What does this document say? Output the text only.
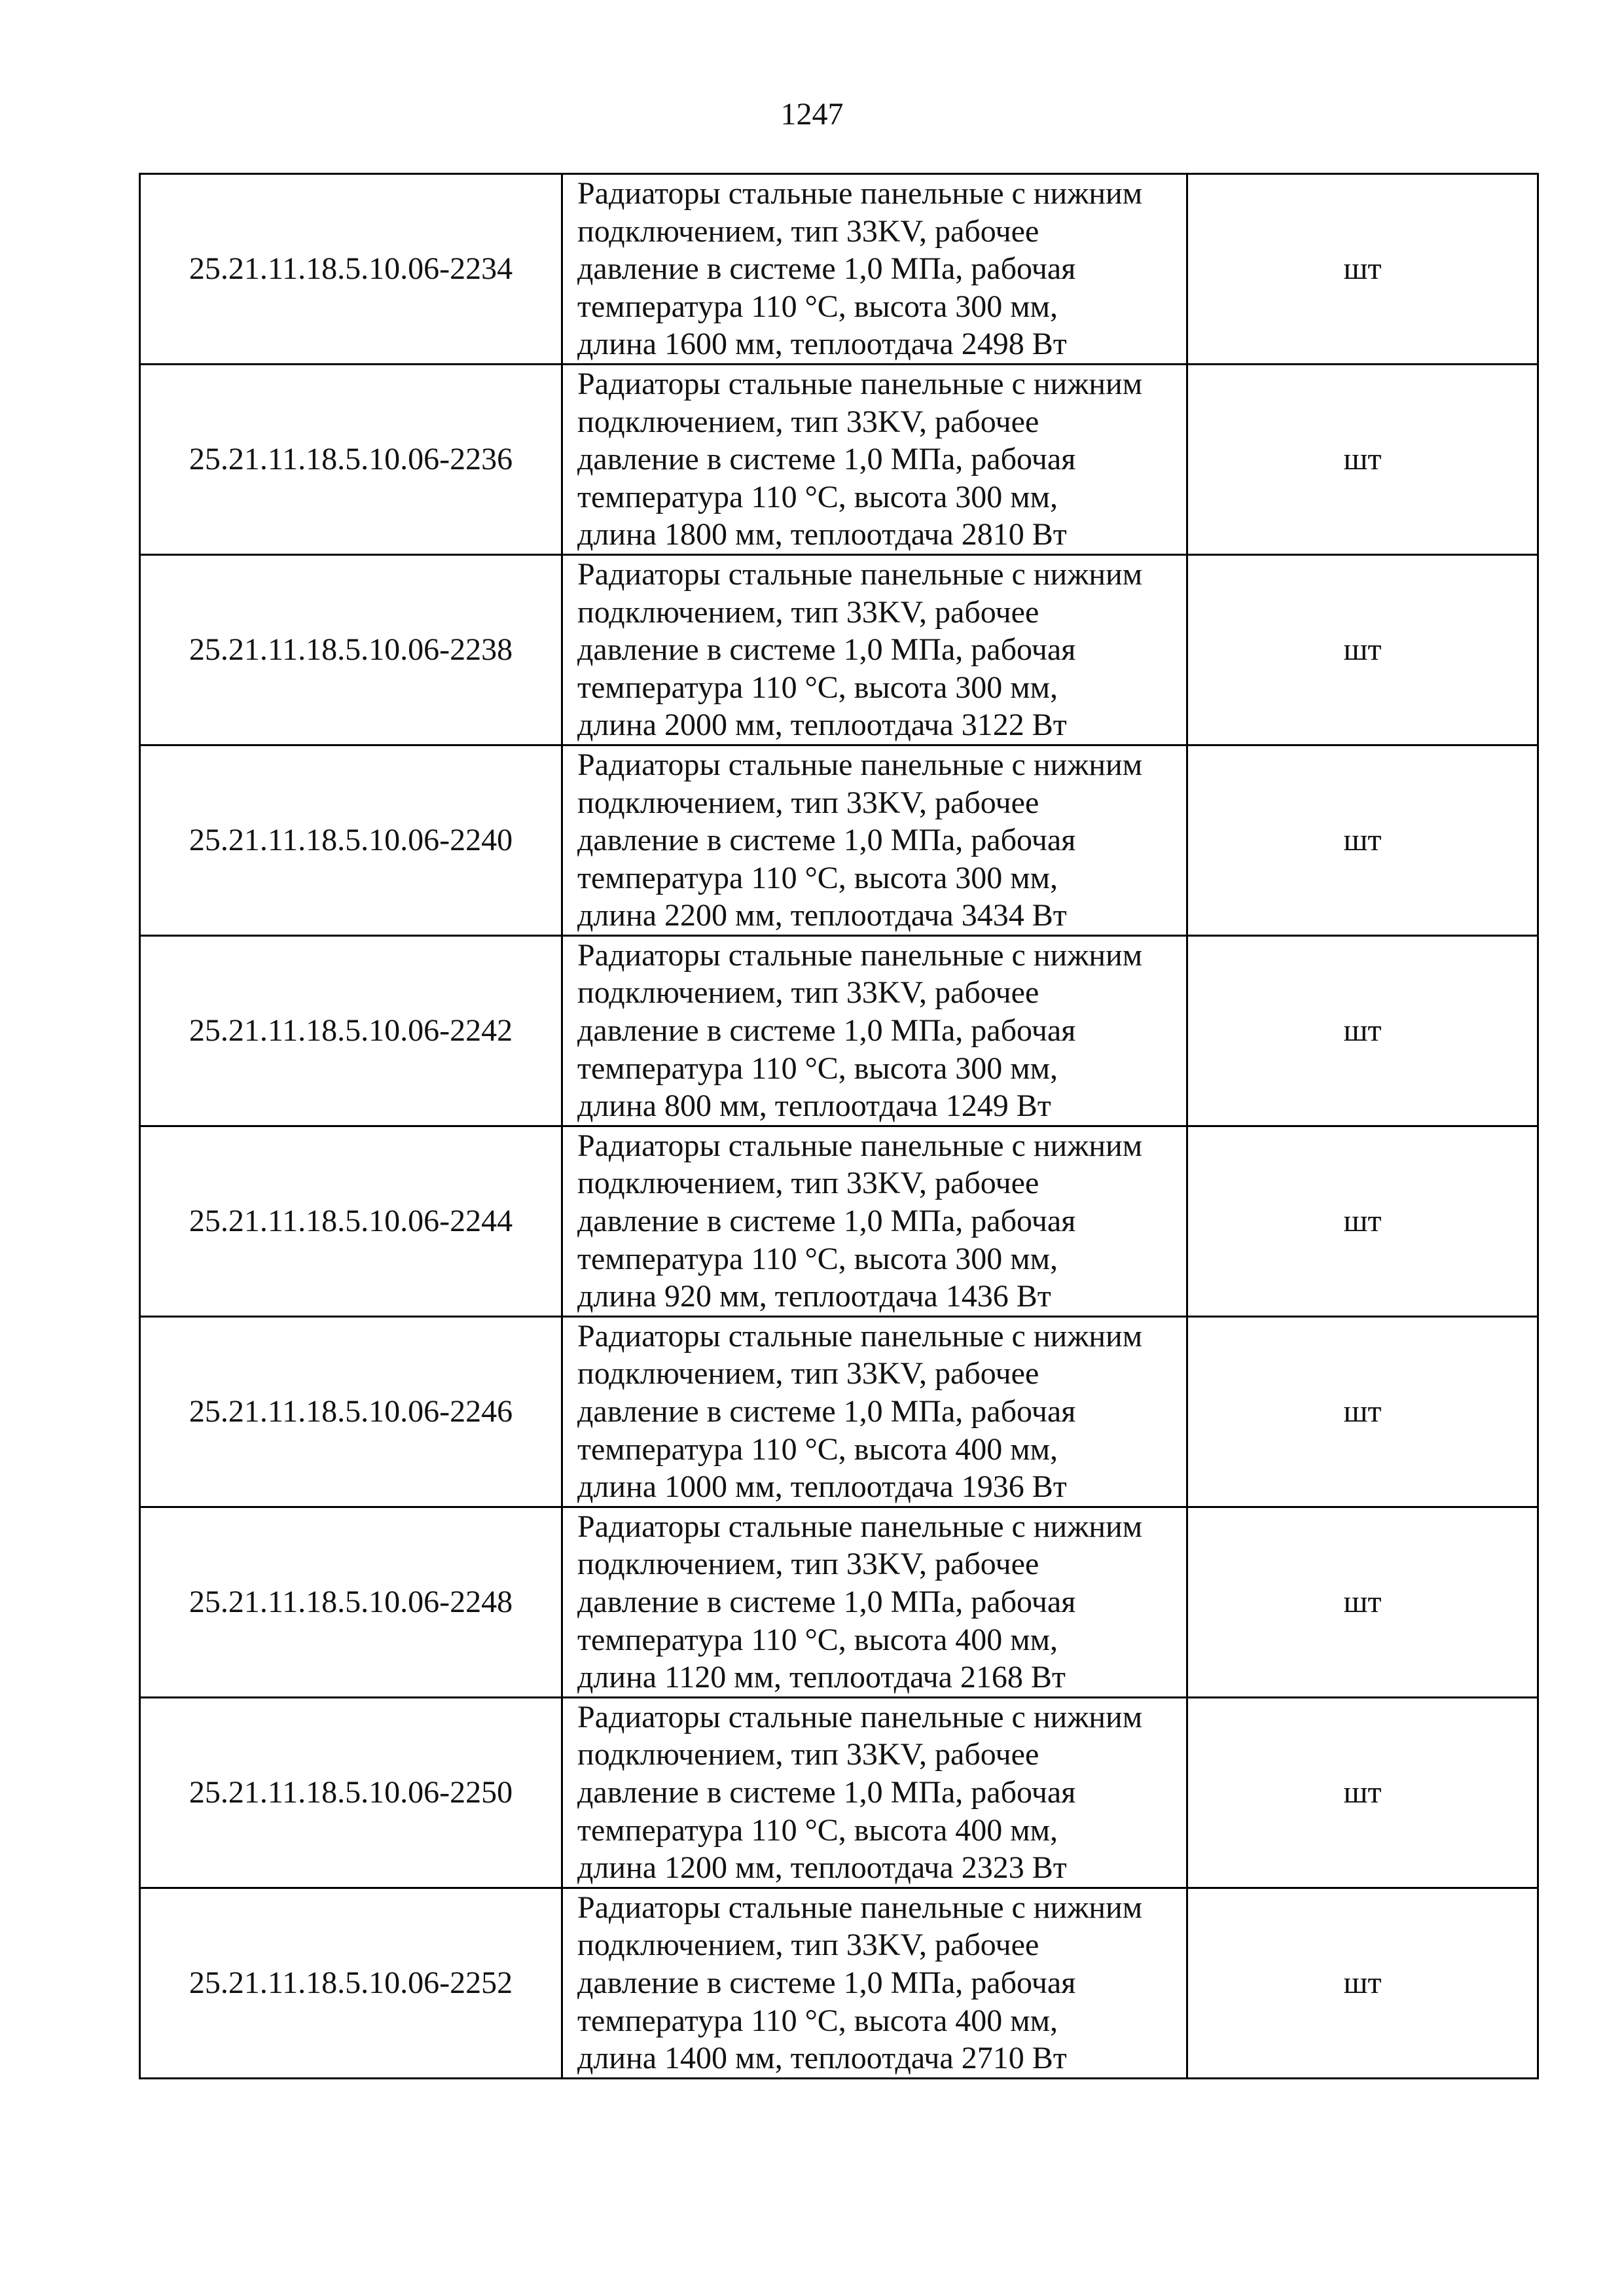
1247
25.21.11.18.5.10.06-2234	Радиаторы стальные панельные с нижним
подключением, тип 33KV, рабочее
давление в системе 1,0 МПа, рабочая
температура 110 °С, высота 300 мм,
длина 1600 мм, теплоотдача 2498 Вт	шт
25.21.11.18.5.10.06-2236	Радиаторы стальные панельные с нижним
подключением, тип 33KV, рабочее
давление в системе 1,0 МПа, рабочая
температура 110 °С, высота 300 мм,
длина 1800 мм, теплоотдача 2810 Вт	шт
25.21.11.18.5.10.06-2238	Радиаторы стальные панельные с нижним
подключением, тип 33KV, рабочее
давление в системе 1,0 МПа, рабочая
температура 110 °С, высота 300 мм,
длина 2000 мм, теплоотдача 3122 Вт	шт
25.21.11.18.5.10.06-2240	Радиаторы стальные панельные с нижним
подключением, тип 33KV, рабочее
давление в системе 1,0 МПа, рабочая
температура 110 °С, высота 300 мм,
длина 2200 мм, теплоотдача 3434 Вт	шт
25.21.11.18.5.10.06-2242	Радиаторы стальные панельные с нижним
подключением, тип 33KV, рабочее
давление в системе 1,0 МПа, рабочая
температура 110 °С, высота 300 мм,
длина 800 мм, теплоотдача 1249 Вт	шт
25.21.11.18.5.10.06-2244	Радиаторы стальные панельные с нижним
подключением, тип 33KV, рабочее
давление в системе 1,0 МПа, рабочая
температура 110 °С, высота 300 мм,
длина 920 мм, теплоотдача 1436 Вт	шт
25.21.11.18.5.10.06-2246	Радиаторы стальные панельные с нижним
подключением, тип 33KV, рабочее
давление в системе 1,0 МПа, рабочая
температура 110 °С, высота 400 мм,
длина 1000 мм, теплоотдача 1936 Вт	шт
25.21.11.18.5.10.06-2248	Радиаторы стальные панельные с нижним
подключением, тип 33KV, рабочее
давление в системе 1,0 МПа, рабочая
температура 110 °С, высота 400 мм,
длина 1120 мм, теплоотдача 2168 Вт	шт
25.21.11.18.5.10.06-2250	Радиаторы стальные панельные с нижним
подключением, тип 33KV, рабочее
давление в системе 1,0 МПа, рабочая
температура 110 °С, высота 400 мм,
длина 1200 мм, теплоотдача 2323 Вт	шт
25.21.11.18.5.10.06-2252	Радиаторы стальные панельные с нижним
подключением, тип 33KV, рабочее
давление в системе 1,0 МПа, рабочая
температура 110 °С, высота 400 мм,
длина 1400 мм, теплоотдача 2710 Вт	шт
